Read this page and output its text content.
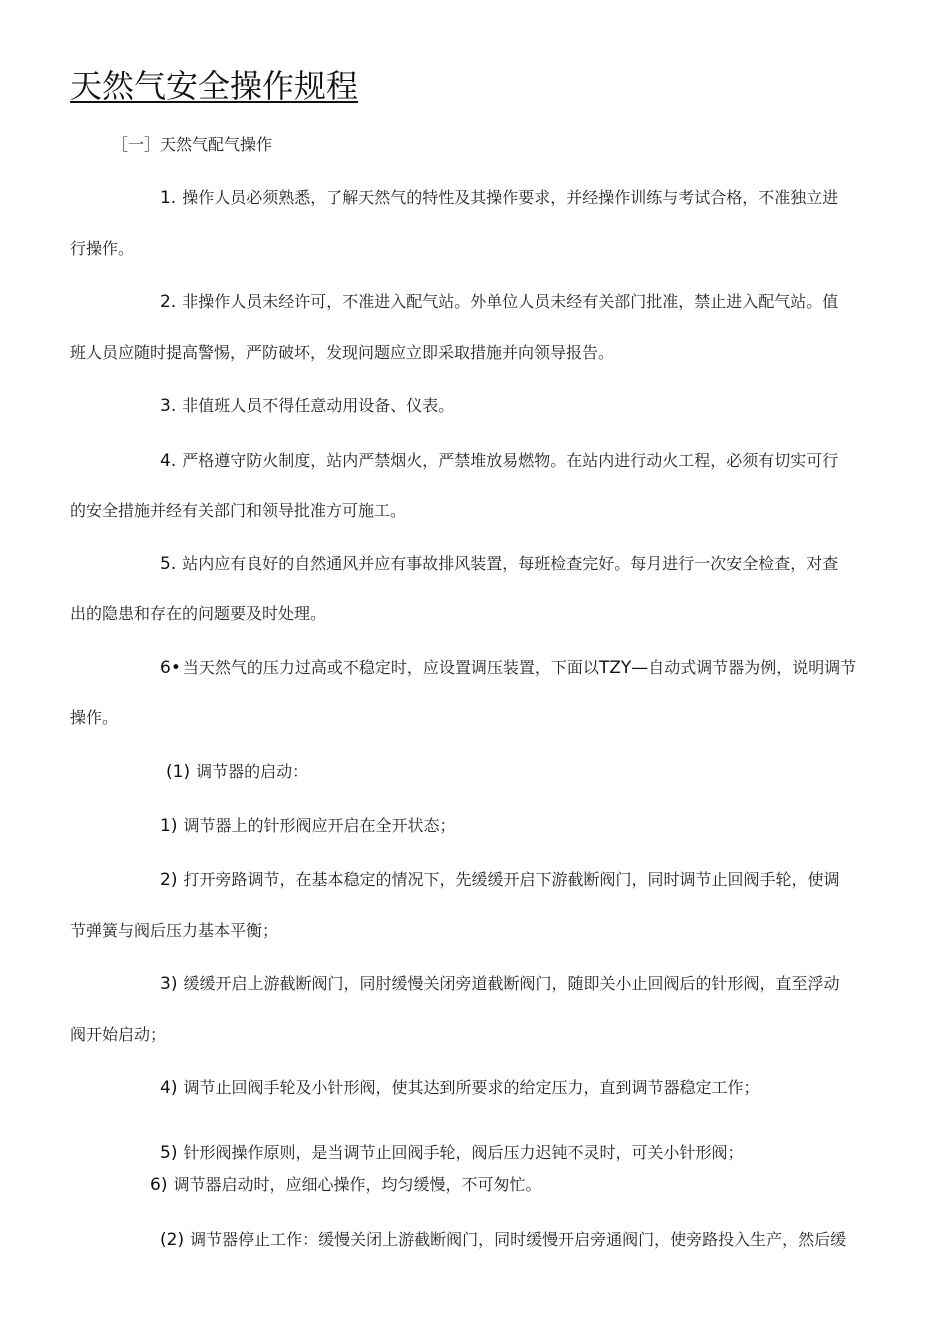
天然气安全操作规程
［一］天然气配气操作
1. 操作人员必须熟悉，了解天然气的特性及其操作要求，并经操作训练与考试合格，不准独立进
行操作。
2. 非操作人员未经许可，不准进入配气站。外单位人员未经有关部门批准，禁止进入配气站。值
班人员应随时提高警惕，严防破坏，发现问题应立即采取措施并向领导报告。
3. 非值班人员不得任意动用设备、仪表。
4. 严格遵守防火制度，站内严禁烟火，严禁堆放易燃物。在站内进行动火工程，必须有切实可行
的安全措施并经有关部门和领导批准方可施工。
5. 站内应有良好的自然通风并应有事故排风装置，每班检查完好。每月进行一次安全检查，对查
出的隐患和存在的问题要及时处理。
6• 当天然气的压力过高或不稳定时，应设置调压装置，下面以TZY—自动式调节器为例，说明调节
操作。
(1) 调节器的启动：
1) 调节器上的针形阀应开启在全开状态；
2) 打开旁路调节，在基本稳定的情况下，先缓缓开启下游截断阀门，同时调节止回阀手轮，使调
节弹簧与阀后压力基本平衡；
3) 缓缓开启上游截断阀门，同肘缓慢关闭旁道截断阀门，随即关小止回阀后的针形阀，直至浮动
阀开始启动；
4) 调节止回阀手轮及小针形阀，使其达到所要求的给定压力，直到调节器稳定工作；
5) 针形阀操作原则，是当调节止回阀手轮，阀后压力迟钝不灵时，可关小针形阀；
6) 调节器启动时，应细心操作，均匀缓慢，不可匆忙。
(2) 调节器停止工作：缓慢关闭上游截断阀门，同时缓慢开启旁通阀门，使旁路投入生产，然后缓
